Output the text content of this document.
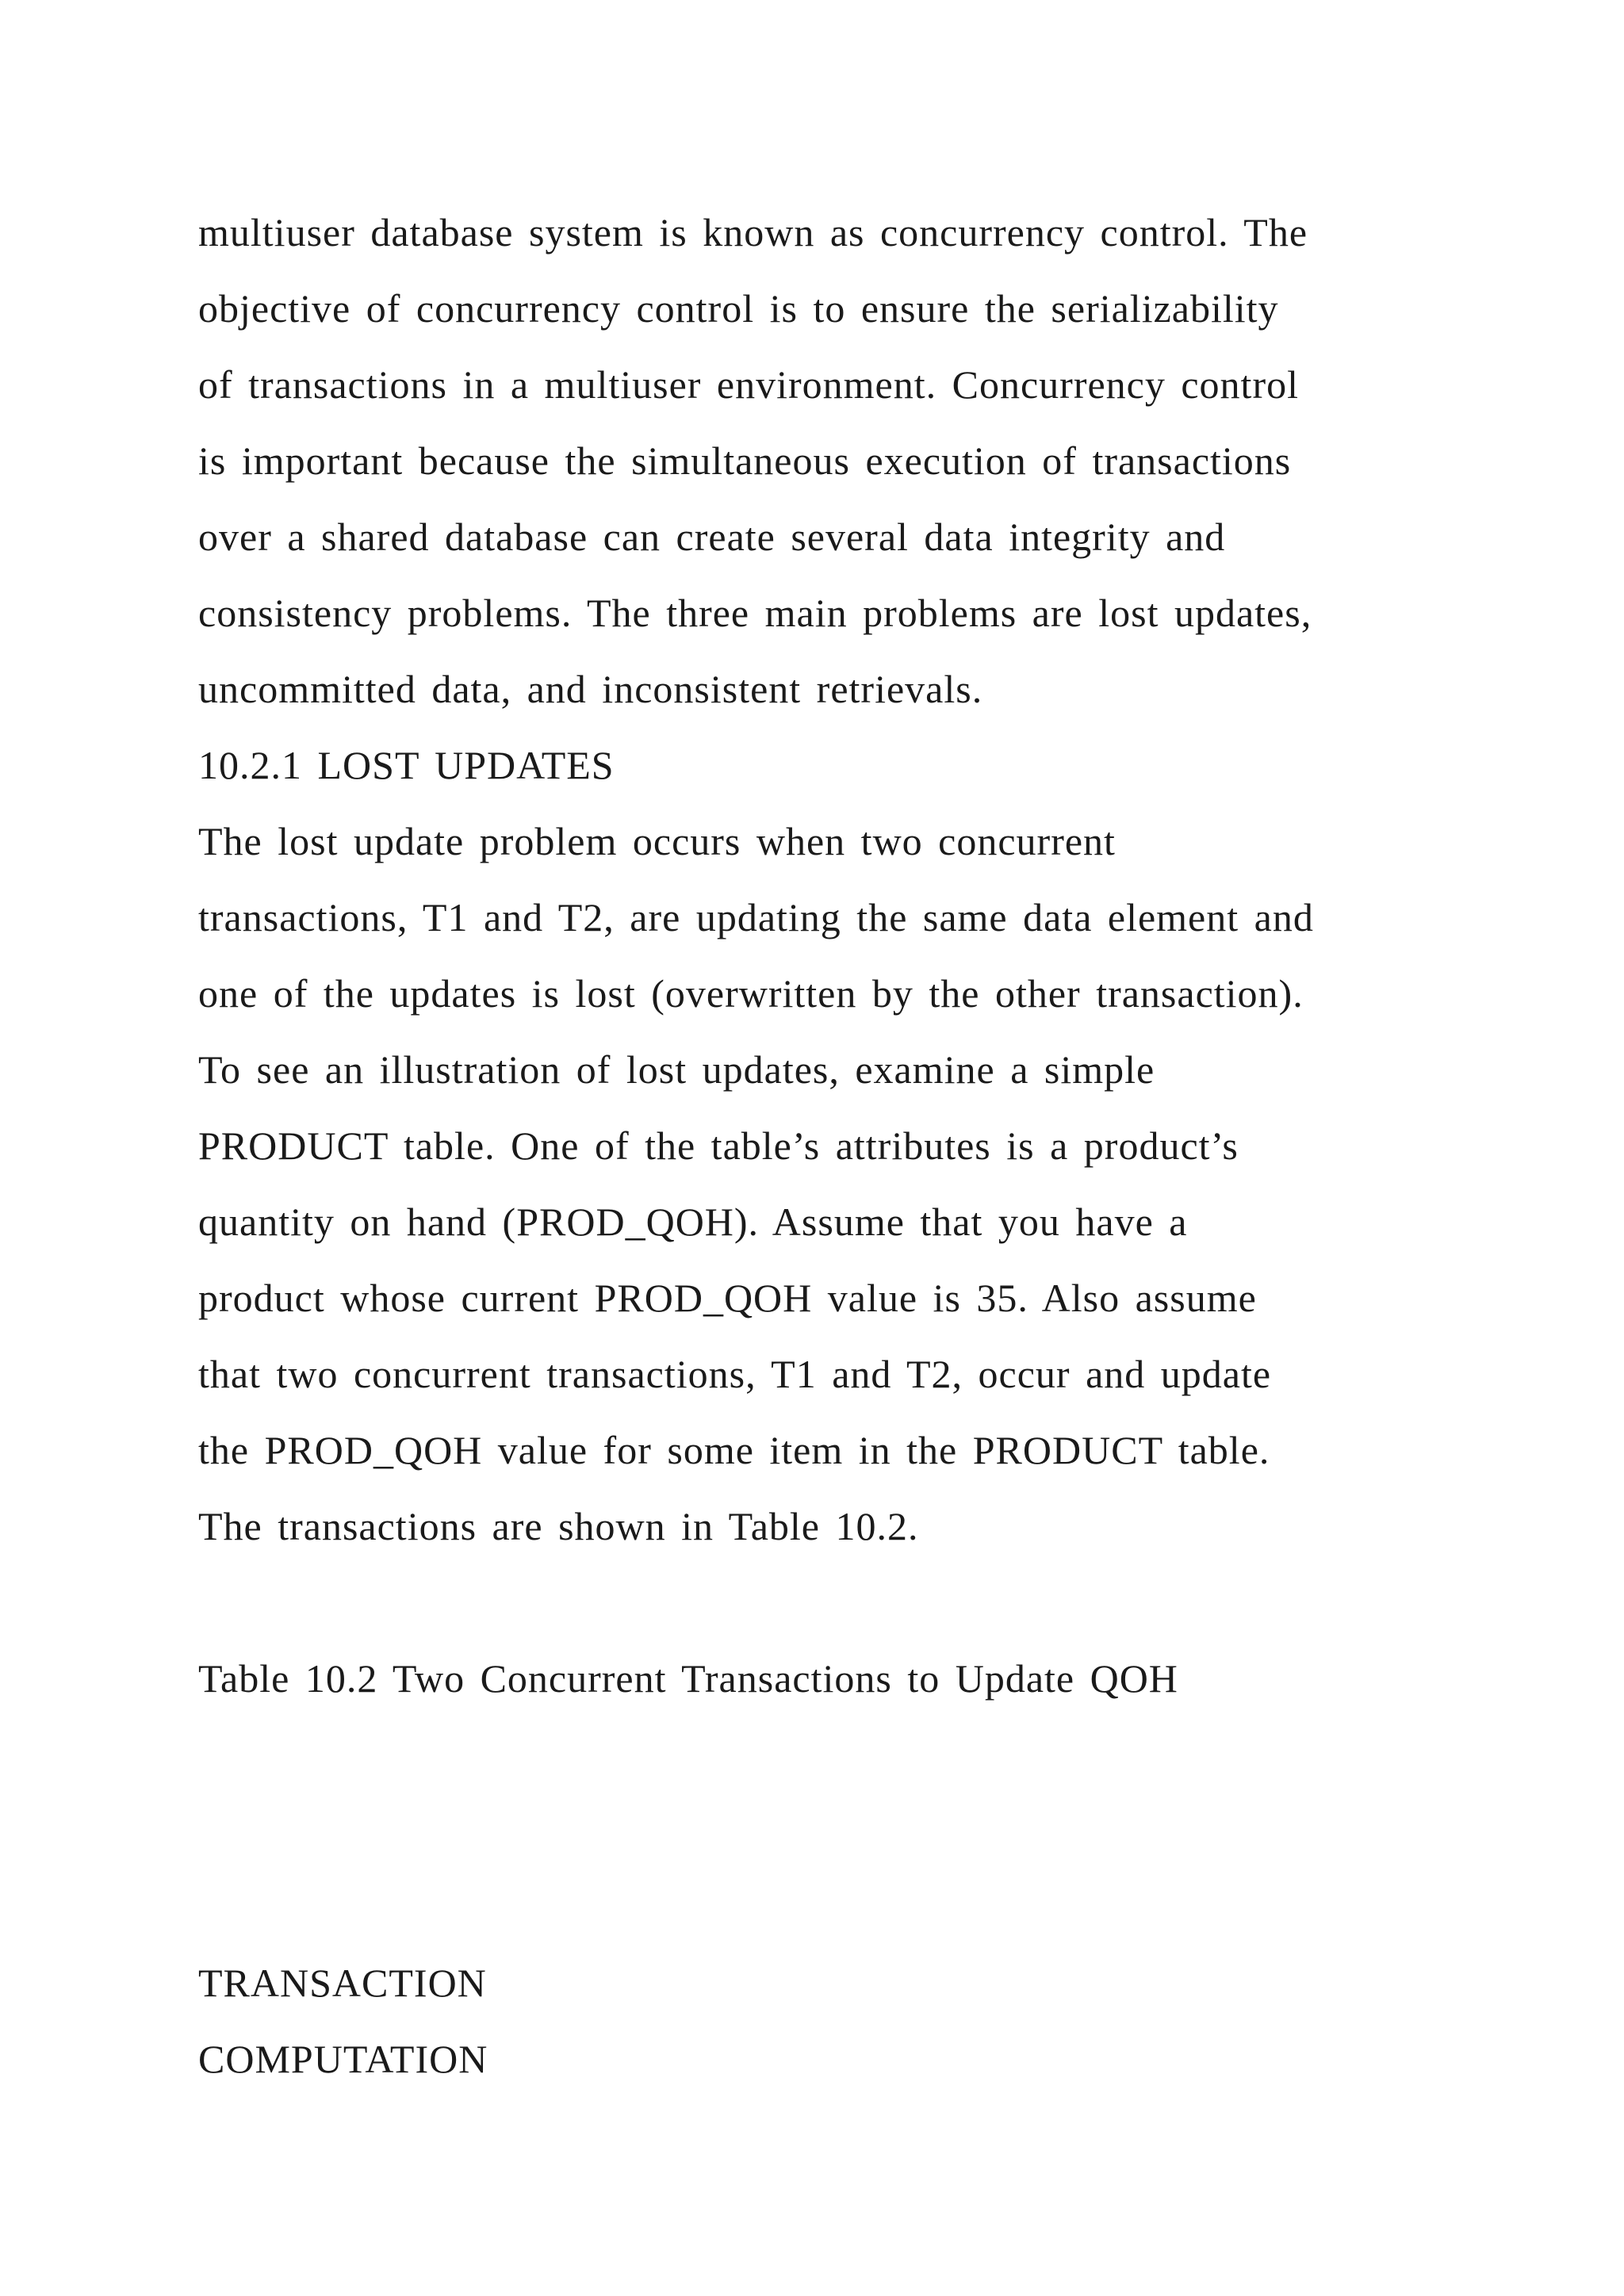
multiuser database system is known as concurrency control. The
objective of concurrency control is to ensure the serializability
of transactions in a multiuser environment. Concurrency control
is important because the simultaneous execution of transactions
over a shared database can create several data integrity and
consistency problems. The three main problems are lost updates,
uncommitted data, and inconsistent retrievals.
10.2.1 LOST UPDATES
The lost update problem occurs when two concurrent
transactions, T1 and T2, are updating the same data element and
one of the updates is lost (overwritten by the other transaction).
To see an illustration of lost updates, examine a simple
PRODUCT table. One of the table’s attributes is a product’s
quantity on hand (PROD_QOH). Assume that you have a
product whose current PROD_QOH value is 35. Also assume
that two concurrent transactions, T1 and T2, occur and update
the PROD_QOH value for some item in the PRODUCT table.
The transactions are shown in Table 10.2.
Table 10.2 Two Concurrent Transactions to Update QOH
TRANSACTION
COMPUTATION
